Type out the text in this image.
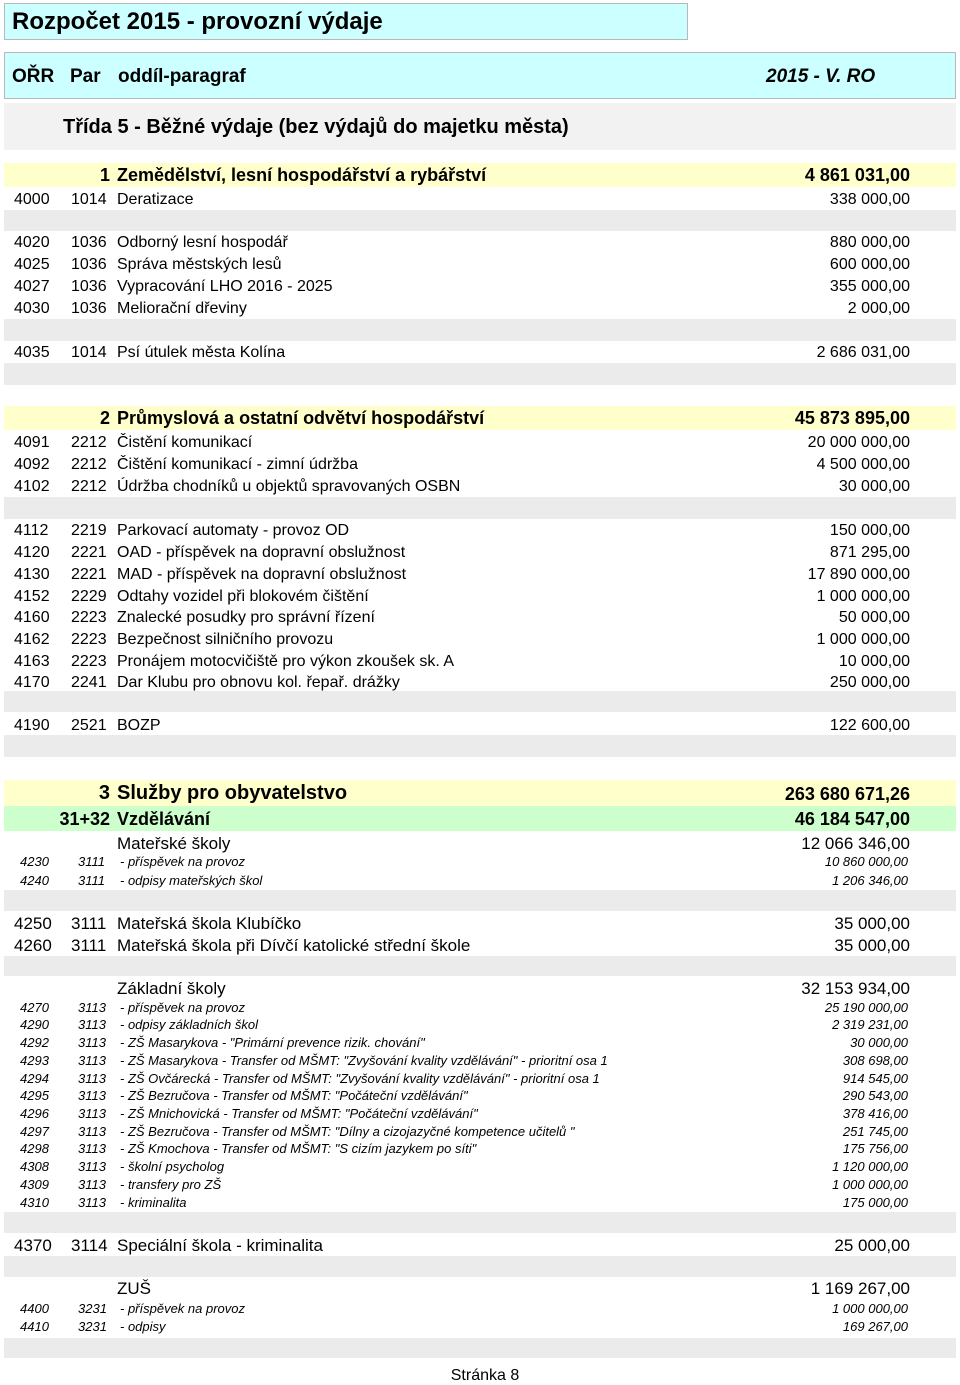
Rozpočet 2015 - provozní výdaje
OŘR Par oddíl-paragraf	2015 - V. RO
Třída 5 - Běžné výdaje (bez výdajů do majetku města)
1 Zemědělství, lesní hospodářství a rybářství	4 861 031,00
4000 1014 Deratizace	338 000,00
4020 1036 Odborný lesní hospodář	880 000,00
4025 1036 Správa městských lesů	600 000,00
4027 1036 Vypracování LHO 2016 - 2025	355 000,00
4030 1036 Meliorační dřeviny	2 000,00
4035 1014 Psí útulek města Kolína	2 686 031,00
2 Průmyslová a ostatní odvětví hospodářství	45 873 895,00
4091 2212 Čistění komunikací	20 000 000,00
4092 2212 Čištění komunikací - zimní údržba	4 500 000,00
4102 2212 Údržba chodníků u objektů spravovaných OSBN	30 000,00
4112 2219 Parkovací automaty - provoz OD	150 000,00
4120 2221 OAD - příspěvek na dopravní obslužnost	871 295,00
4130 2221 MAD - příspěvek na dopravní obslužnost	17 890 000,00
4152 2229 Odtahy vozidel při blokovém čištění	1 000 000,00
4160 2223 Znalecké posudky pro správní řízení	50 000,00
4162 2223 Bezpečnost silničního provozu	1 000 000,00
4163 2223 Pronájem motocvičiště pro výkon zkoušek sk. A	10 000,00
4170 2241 Dar Klubu pro obnovu kol. řepař. drážky	250 000,00
4190 2521 BOZP	122 600,00
3 Služby pro obyvatelstvo	263 680 671,26
31+32 Vzdělávání	46 184 547,00
Mateřské školy	12 066 346,00
4230 3111 - příspěvek na provoz	10 860 000,00
4240 3111 - odpisy mateřských škol	1 206 346,00
4250 3111 Mateřská škola Klubíčko	35 000,00
4260 3111 Mateřská škola při Dívčí katolické střední škole	35 000,00
Základní školy	32 153 934,00
4270 3113 - příspěvek na provoz	25 190 000,00
4290 3113 - odpisy základních škol	2 319 231,00
4292 3113 - ZŠ Masarykova - "Primární prevence rizik. chování"	30 000,00
4293 3113 - ZŠ Masarykova - Transfer od MŠMT: "Zvyšování kvality vzdělávání" - prioritní osa 1	308 698,00
4294 3113 - ZŠ Ovčárecká - Transfer od MŠMT: "Zvyšování kvality vzdělávání" - prioritní osa 1	914 545,00
4295 3113 - ZŠ Bezručova - Transfer od MŠMT: "Počáteční vzdělávání"	290 543,00
4296 3113 - ZŠ Mnichovická - Transfer od MŠMT: "Počáteční vzdělávání"	378 416,00
4297 3113 - ZŠ Bezručova - Transfer od MŠMT: "Dílny a cizojazyčné kompetence učitelů "	251 745,00
4298 3113 - ZŠ Kmochova - Transfer od MŠMT: "S cizím jazykem po síti"	175 756,00
4308 3113 - školní psycholog	1 120 000,00
4309 3113 - transfery pro ZŠ	1 000 000,00
4310 3113 - kriminalita	175 000,00
4370 3114 Speciální škola - kriminalita	25 000,00
ZUŠ	1 169 267,00
4400 3231 - příspěvek na provoz	1 000 000,00
4410 3231 - odpisy	169 267,00
Stránka 8
